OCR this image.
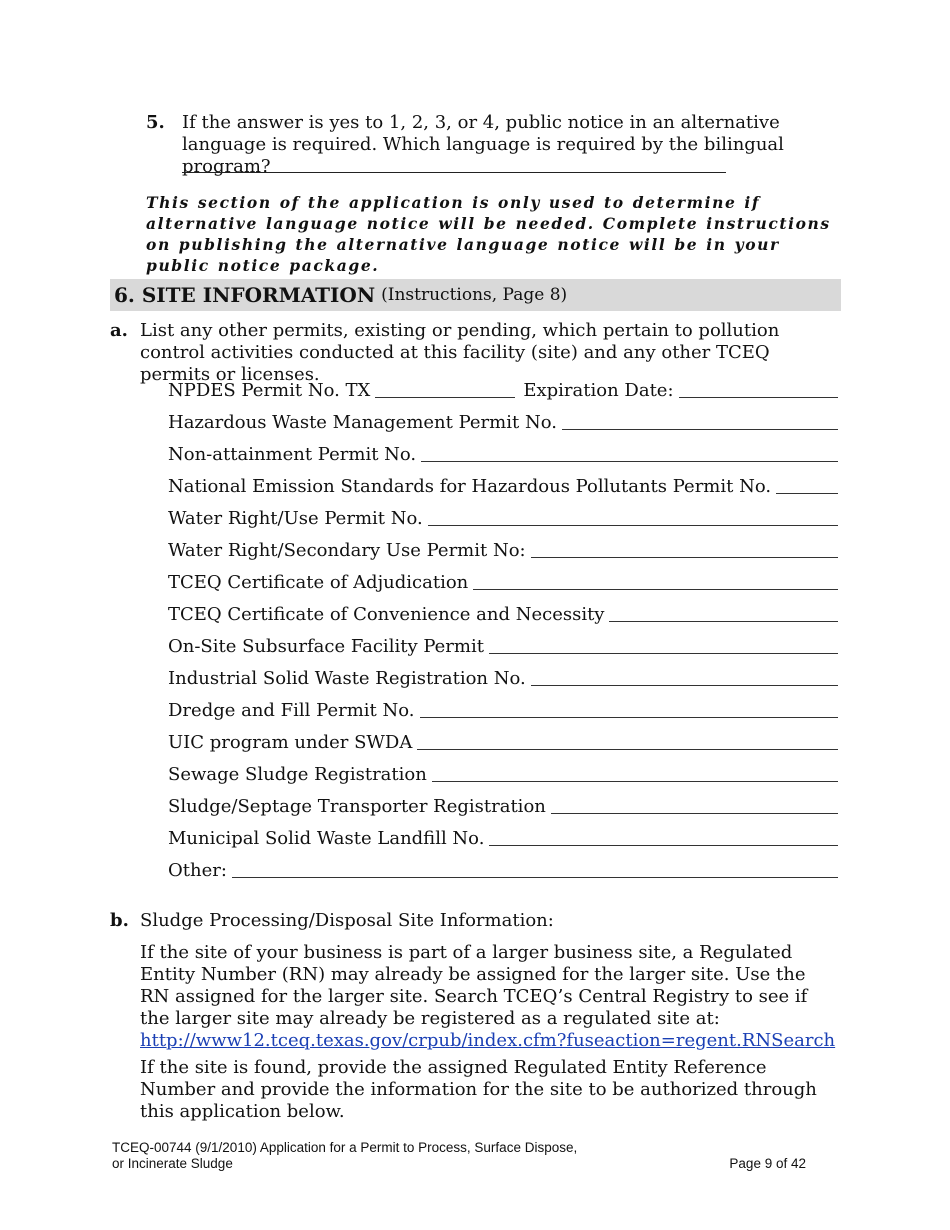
5. If the answer is yes to 1, 2, 3, or 4, public notice in an alternative language is required. Which language is required by the bilingual program?
This section of the application is only used to determine if alternative language notice will be needed. Complete instructions on publishing the alternative language notice will be in your public notice package.
6. SITE INFORMATION (Instructions, Page 8)
a. List any other permits, existing or pending, which pertain to pollution control activities conducted at this facility (site) and any other TCEQ permits or licenses.
NPDES Permit No. TX	Expiration Date:
Hazardous Waste Management Permit No.
Non-attainment Permit No.
National Emission Standards for Hazardous Pollutants Permit No.
Water Right/Use Permit No.
Water Right/Secondary Use Permit No:
TCEQ Certificate of Adjudication
TCEQ Certificate of Convenience and Necessity
On-Site Subsurface Facility Permit
Industrial Solid Waste Registration No.
Dredge and Fill Permit No.
UIC program under SWDA
Sewage Sludge Registration
Sludge/Septage Transporter Registration
Municipal Solid Waste Landfill No.
Other:
b. Sludge Processing/Disposal Site Information:
If the site of your business is part of a larger business site, a Regulated Entity Number (RN) may already be assigned for the larger site. Use the RN assigned for the larger site. Search TCEQ’s Central Registry to see if the larger site may already be registered as a regulated site at:
http://www12.tceq.texas.gov/crpub/index.cfm?fuseaction=regent.RNSearch
If the site is found, provide the assigned Regulated Entity Reference Number and provide the information for the site to be authorized through this application below.
TCEQ-00744 (9/1/2010) Application for a Permit to Process, Surface Dispose,
or Incinerate Sludge	Page 9 of 42
